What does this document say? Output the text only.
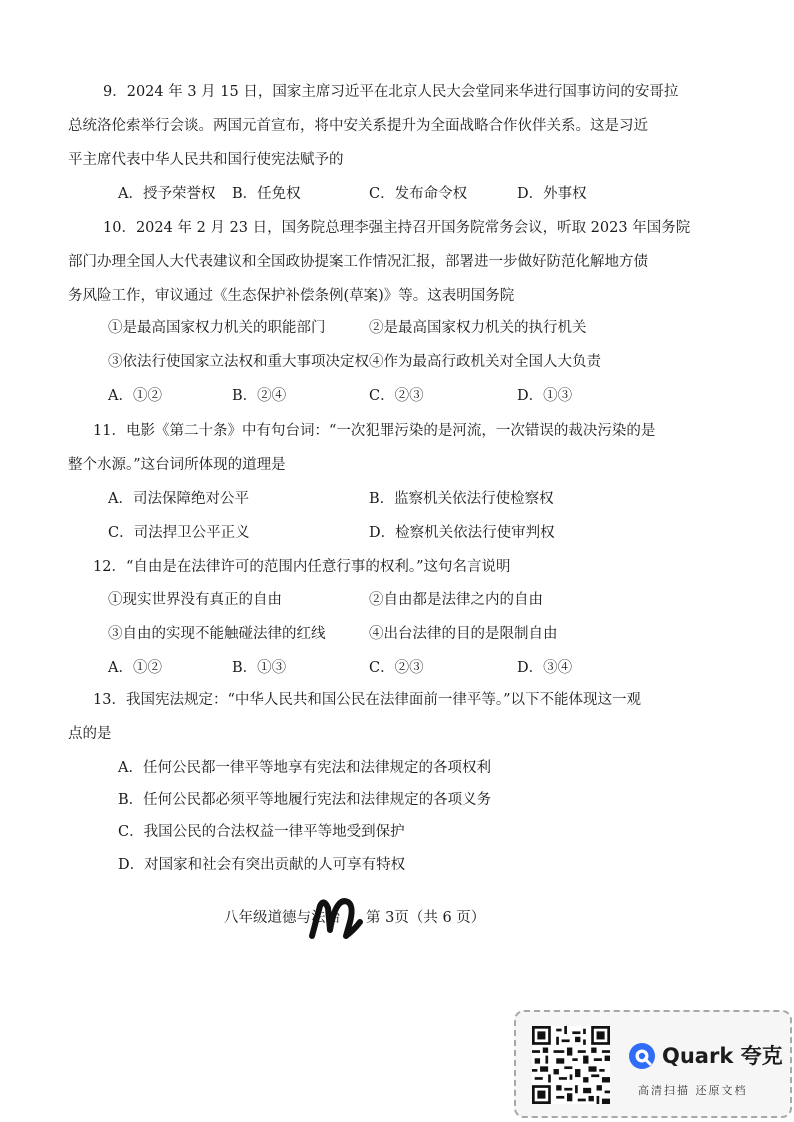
9．2024 年 3 月 15 日，国家主席习近平在北京人民大会堂同来华进行国事访问的安哥拉
总统洛伦索举行会谈。两国元首宣布，将中安关系提升为全面战略合作伙伴关系。这是习近
平主席代表中华人民共和国行使宪法赋予的
A．授予荣誉权 B．任免权	C．发布命令权	D．外事权
10．2024 年 2 月 23 日，国务院总理李强主持召开国务院常务会议，听取 2023 年国务院
部门办理全国人大代表建议和全国政协提案工作情况汇报，部署进一步做好防范化解地方债
务风险工作，审议通过《生态保护补偿条例(草案)》等。这表明国务院
①是最高国家权力机关的职能部门	②是最高国家权力机关的执行机关
③依法行使国家立法权和重大事项决定权 ④作为最高行政机关对全国人大负责
A．①②	B．②④	C．②③	D．①③
11．电影《第二十条》中有句台词：“一次犯罪污染的是河流，一次错误的裁决污染的是
整个水源。”这台词所体现的道理是
A．司法保障绝对公平	B．监察机关依法行使检察权
C．司法捍卫公平正义	D．检察机关依法行使审判权
12．“自由是在法律许可的范围内任意行事的权利。”这句名言说明
①现实世界没有真正的自由	②自由都是法律之内的自由
③自由的实现不能触碰法律的红线	④出台法律的目的是限制自由
A．①②	B．①③	C．②③	D．③④
13．我国宪法规定：“中华人民共和国公民在法律面前一律平等。”以下不能体现这一观
点的是
A．任何公民都一律平等地享有宪法和法律规定的各项权利
B．任何公民都必须平等地履行宪法和法律规定的各项义务
C．我国公民的合法权益一律平等地受到保护
D．对国家和社会有突出贡献的人可享有特权
八年级道德与法治 第 3页（共 6 页）
Quark 夸克
高清扫描 还原文档
